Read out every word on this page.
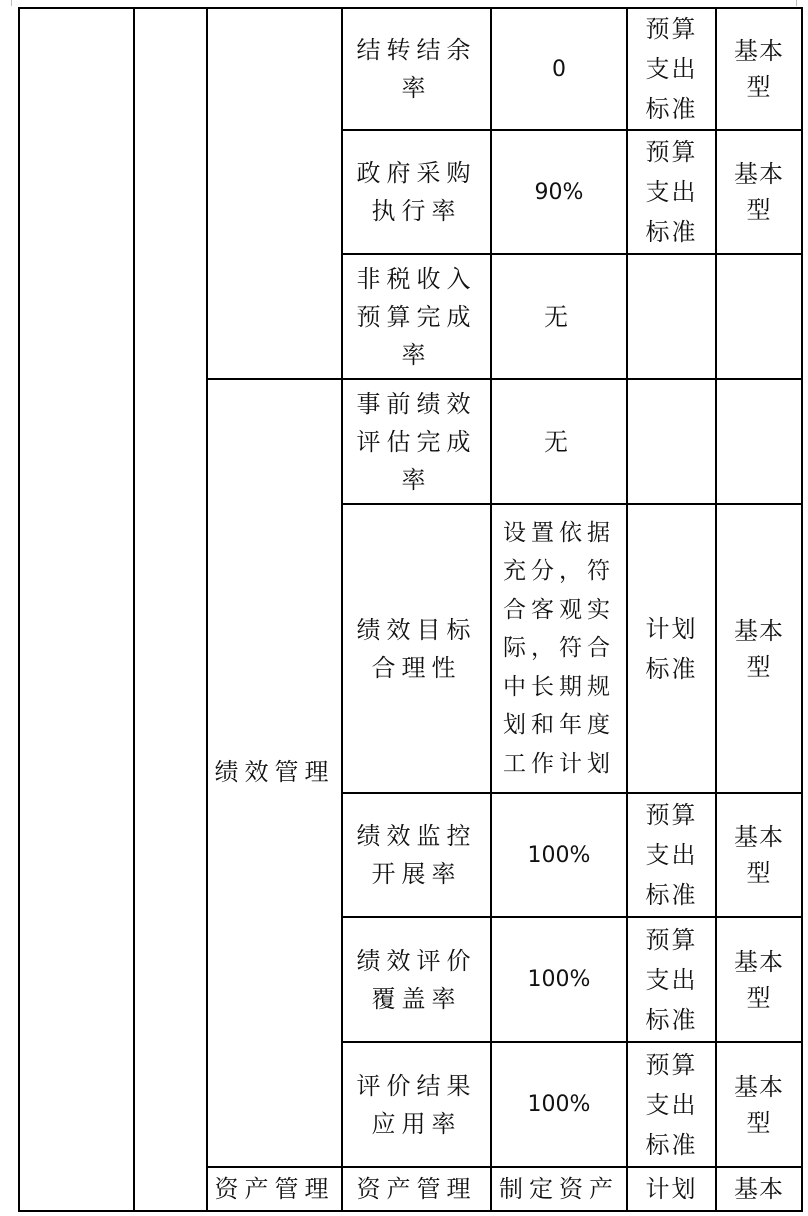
绩效管理
结转结余
率
0
预算
支出
标准
基本
型
政府采购
执行率
90%
预算
支出
标准
基本
型
非税收入
预算完成
率
无
事前绩效
评估完成
率
无
绩效目标
合理性
设置依据
充分，符
合客观实
际，符合
中长期规
划和年度
工作计划
计划
标准
基本
型
绩效监控
开展率
100%
预算
支出
标准
基本
型
绩效评价
覆盖率
100%
预算
支出
标准
基本
型
评价结果
应用率
100%
预算
支出
标准
基本
型
资产管理 资产管理 制定资产 计划 基本
